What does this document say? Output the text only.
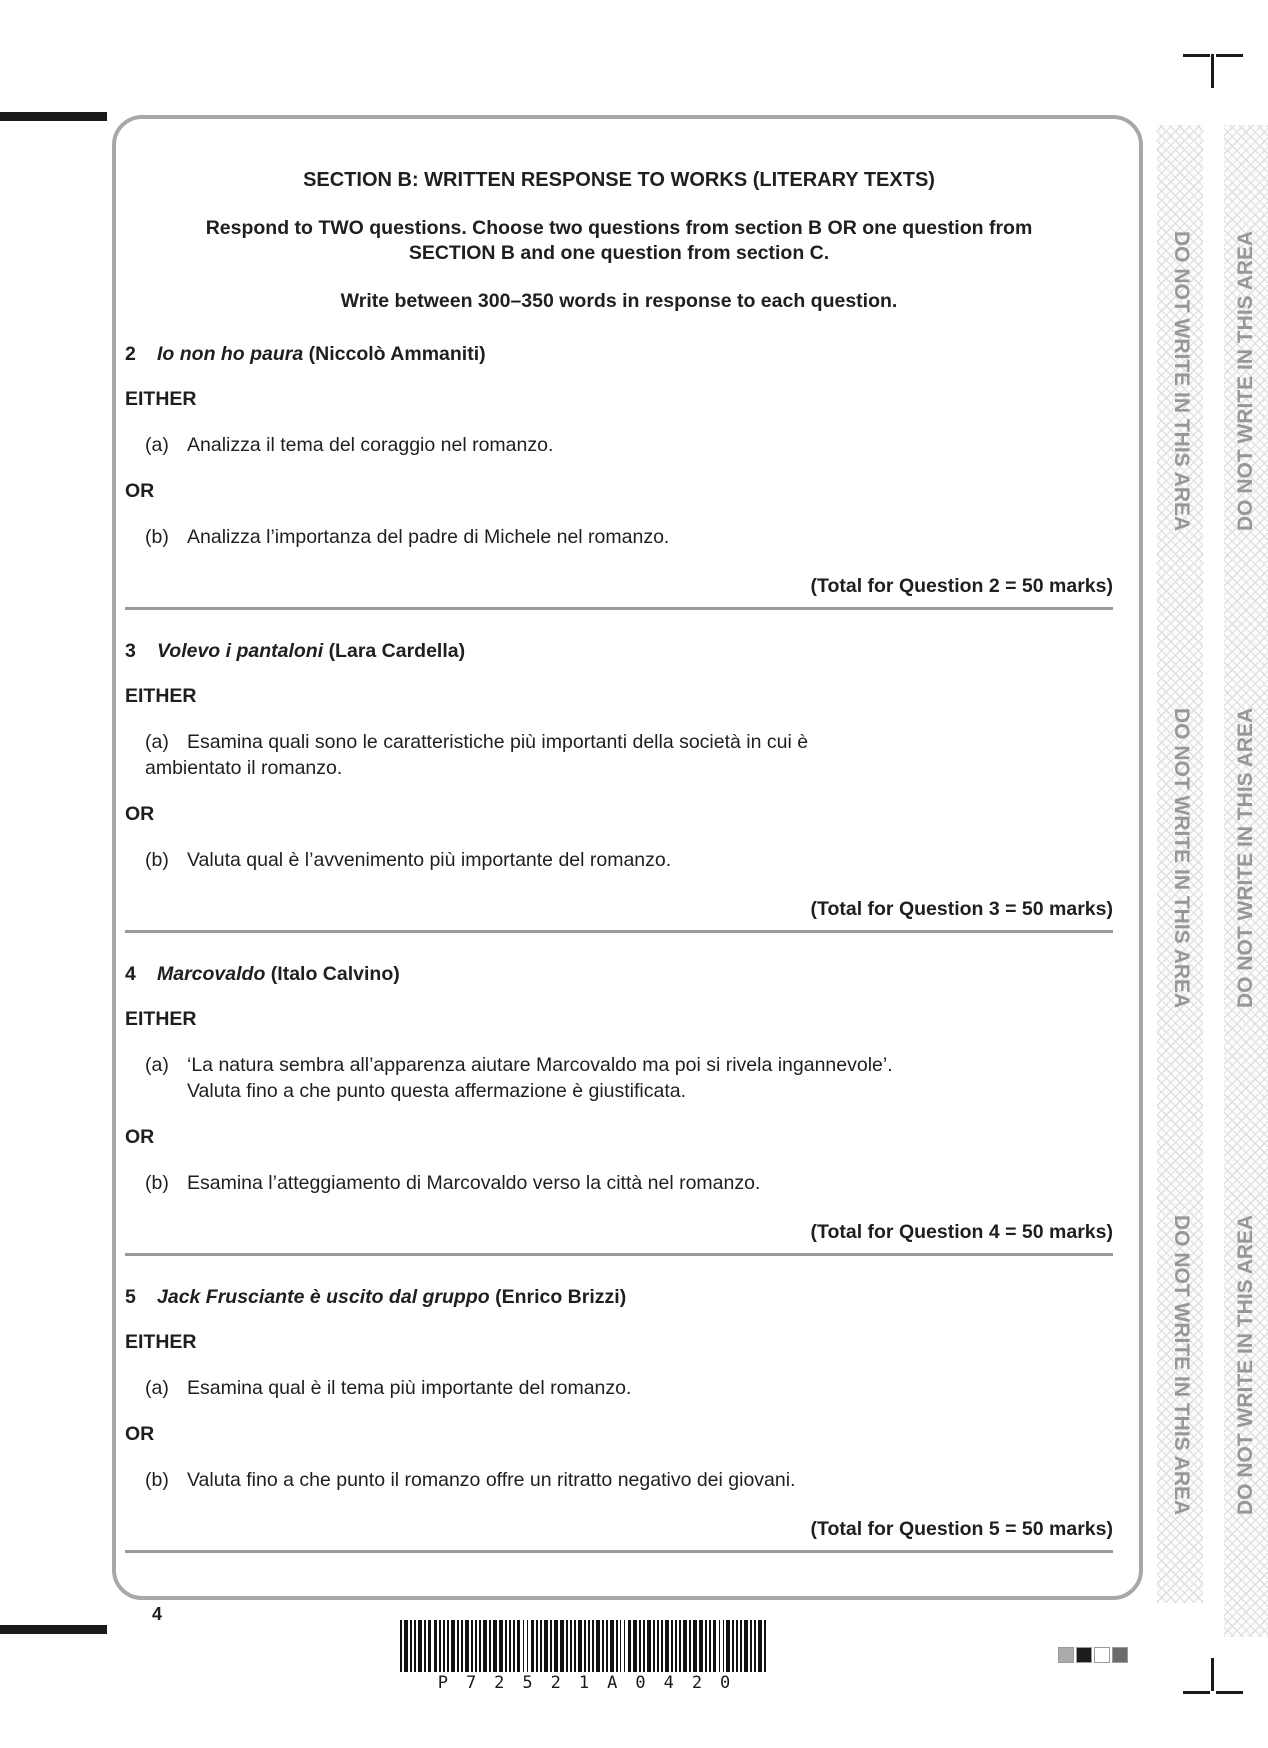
SECTION B: WRITTEN RESPONSE TO WORKS (LITERARY TEXTS)
Respond to TWO questions. Choose two questions from section B OR one question from
SECTION B and one question from section C.
Write between 300–350 words in response to each question.
2 Io non ho paura (Niccolò Ammaniti)
EITHER
(a) Analizza il tema del coraggio nel romanzo.
OR
(b) Analizza l’importanza del padre di Michele nel romanzo.
(Total for Question 2 = 50 marks)
3 Volevo i pantaloni (Lara Cardella)
EITHER
(a) Esamina quali sono le caratteristiche più importanti della società in cui è
ambientato il romanzo.
OR
(b) Valuta qual è l’avvenimento più importante del romanzo.
(Total for Question 3 = 50 marks)
4 Marcovaldo (Italo Calvino)
EITHER
(a) ‘La natura sembra all’apparenza aiutare Marcovaldo ma poi si rivela ingannevole’.
Valuta fino a che punto questa affermazione è giustificata.
OR
(b) Esamina l’atteggiamento di Marcovaldo verso la città nel romanzo.
(Total for Question 4 = 50 marks)
5 Jack Frusciante è uscito dal gruppo (Enrico Brizzi)
EITHER
(a) Esamina qual è il tema più importante del romanzo.
OR
(b) Valuta fino a che punto il romanzo offre un ritratto negativo dei giovani.
(Total for Question 5 = 50 marks)
DO NOT WRITE IN THIS AREA
DO NOT WRITE IN THIS AREA
DO NOT WRITE IN THIS AREA
DO NOT WRITE IN THIS AREA
DO NOT WRITE IN THIS AREA
DO NOT WRITE IN THIS AREA
4
P72521A0420
